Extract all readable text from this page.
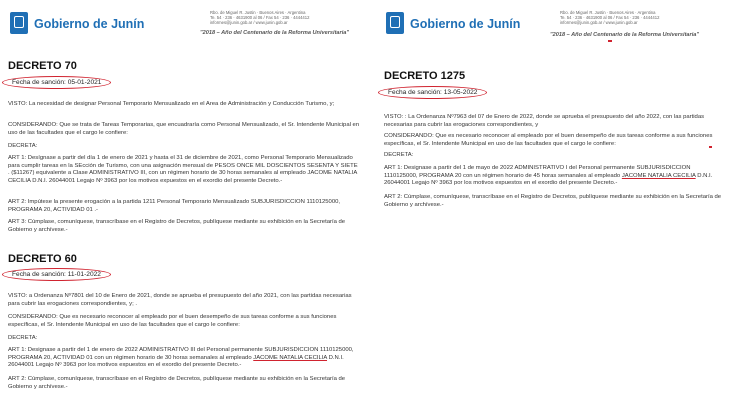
Gobierno de Junín
Rbo. de Miguel R. Justin · Buenos Aires · Argentina
Te. 54 · 236 · 4631900 al 06 / Fax 54 · 236 · 4444412
informes@junin.gob.ar / www.junin.gob.ar
"2018 – Año del Centenario de la Reforma Universitaria"
DECRETO 70
Fecha de sanción: 05-01-2021
VISTO: La necesidad de designar Personal Temporario Mensualizado en el Area de Administración y Conducción Turismo, y;
CONSIDERANDO: Que se trata de Tareas Temporarias, que encuadraría como Personal Mensualizado, el Sr. Intendente Municipal en uso de las facultades que el cargo le confiere:
DECRETA:
ART 1: Desígnase a partir del día 1 de enero de 2021 y hasta el 31 de diciembre de 2021, como Personal Temporario Mensualizado para cumplir tareas en la SEcción de Turismo, con una asignación mensual de PESOS ONCE MIL DOSCIENTOS SESENTA Y SIETE . ($11267) equivalente a Clase ADMINISTRATIVO III, con un régimen horario de 30 horas semanales al empleado JACOME NATALIA CECILIA D.N.I. 26044001 Legajo Nº 3963 por los motivos expuestos en el exordio del presente Decreto.-
ART 2: Impútese la presente erogación a la partida 1211 Personal Temporario Mensualizado SUBJURISDICCION 1110125000, PROGRAMA 20, ACTIVIDAD 01 .-
ART 3: Cúmplase, comuníquese, transcríbase en el Registro de Decretos, publíquese mediante su exhibición en la Secretaría de Gobierno y archívese.-
DECRETO 60
Fecha de sanción: 11-01-2022
VISTO: a Ordenanza Nº7801 del 10 de Enero de 2021, donde se aprueba el presupuesto del año 2021, con las partidas necesarias para cubrir las erogaciones correspondientes, y; .
CONSIDERANDO: Que es necesario reconocer al empleado por el buen desempeño de sus tareas conforme a sus funciones específicas, el Sr. Intendente Municipal en uso de las facultades que el cargo le confiere:
DECRETA:
ART 1: Designase a partir del 1 de enero de 2022 ADMINISTRATIVO III del Personal permanente SUBJURISDICCION 1110125000, PROGRAMA 20, ACTIVIDAD 01 con un régimen horario de 30 horas semanales al empleado JACOME NATALIA CECILIA D.N.I. 26044001 Legajo Nº 3963 por los motivos expuestos en el exordio del presente Decreto.-
ART 2: Cúmplase, comuníquese, transcríbase en el Registro de Decretos, publíquese mediante su exhibición en la Secretaría de Gobierno y archívese.-
Gobierno de Junín
Rbo. de Miguel R. Justin · Buenos Aires · Argentina
Te. 54 · 236 · 4631900 al 06 / Fax 54 · 236 · 4444412
informes@junin.gob.ar / www.junin.gob.ar
"2018 – Año del Centenario de la Reforma Universitaria"
DECRETO 1275
Fecha de sanción: 13-05-2022
VISTO: : La Ordenanza Nº7963 del 07 de Enero de 2022, donde se aprueba el presupuesto del año 2022, con las partidas necesarias para cubrir las erogaciones correspondientes, y
CONSIDERANDO: Que es necesario reconocer al empleado por el buen desempeño de sus tareas conforme a sus funciones específicas, el Sr. Intendente Municipal en uso de las facultades que el cargo le confiere:
DECRETA:
ART 1: Designase a partir del 1 de mayo de 2022 ADMINISTRATIVO I del Personal permanente SUBJURISDICCION 1110125000, PROGRAMA 20 con un régimen horario de 45 horas semanales al empleado JACOME NATALIA CECILIA D.N.I. 26044001 Legajo Nº 3963 por los motivos expuestos en el exordio del presente Decreto.-
ART 2: Cúmplase, comuníquese, transcríbase en el Registro de Decretos, publíquese mediante su exhibición en la Secretaría de Gobierno y archívese.-
